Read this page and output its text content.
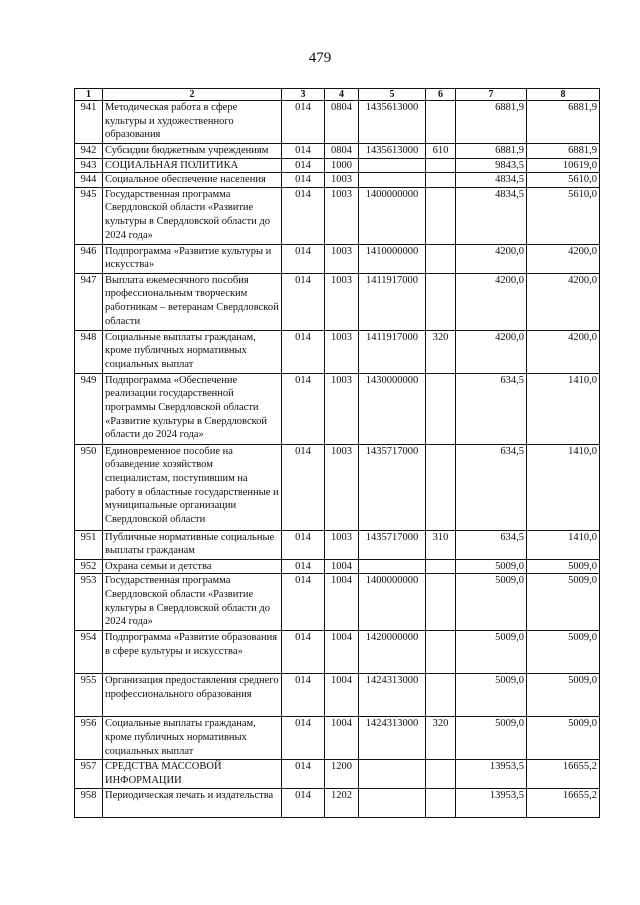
479
1	2	3	4	5	6	7	8
941	Методическая работа в сфере культуры и художественного образования	014	0804	1435613000		6881,9	6881,9
942	Субсидии бюджетным учреждениям	014	0804	1435613000	610	6881,9	6881,9
943	СОЦИАЛЬНАЯ ПОЛИТИКА	014	1000			9843,5	10619,0
944	Социальное обеспечение населения	014	1003			4834,5	5610,0
945	Государственная программа Свердловской области «Развитие культуры в Свердловской области до 2024 года»	014	1003	1400000000		4834,5	5610,0
946	Подпрограмма «Развитие культуры и искусства»	014	1003	1410000000		4200,0	4200,0
947	Выплата ежемесячного пособия профессиональным творческим работникам – ветеранам Свердловской области	014	1003	1411917000		4200,0	4200,0
948	Социальные выплаты гражданам, кроме публичных нормативных социальных выплат	014	1003	1411917000	320	4200,0	4200,0
949	Подпрограмма «Обеспечение реализации государственной программы Свердловской области «Развитие культуры в Свердловской области до 2024 года»	014	1003	1430000000		634,5	1410,0
950	Единовременное пособие на обзаведение хозяйством специалистам, поступившим на работу в областные государственные и муниципальные организации Свердловской области	014	1003	1435717000		634,5	1410,0
951	Публичные нормативные социальные выплаты гражданам	014	1003	1435717000	310	634,5	1410,0
952	Охрана семьи и детства	014	1004			5009,0	5009,0
953	Государственная программа Свердловской области «Развитие культуры в Свердловской области до 2024 года»	014	1004	1400000000		5009,0	5009,0
954	Подпрограмма «Развитие образования в сфере культуры и искусства»	014	1004	1420000000		5009,0	5009,0
955	Организация предоставления среднего профессионального образования	014	1004	1424313000		5009,0	5009,0
956	Социальные выплаты гражданам, кроме публичных нормативных социальных выплат	014	1004	1424313000	320	5009,0	5009,0
957	СРЕДСТВА МАССОВОЙ ИНФОРМАЦИИ	014	1200			13953,5	16655,2
958	Периодическая печать и издательства	014	1202			13953,5	16655,2
